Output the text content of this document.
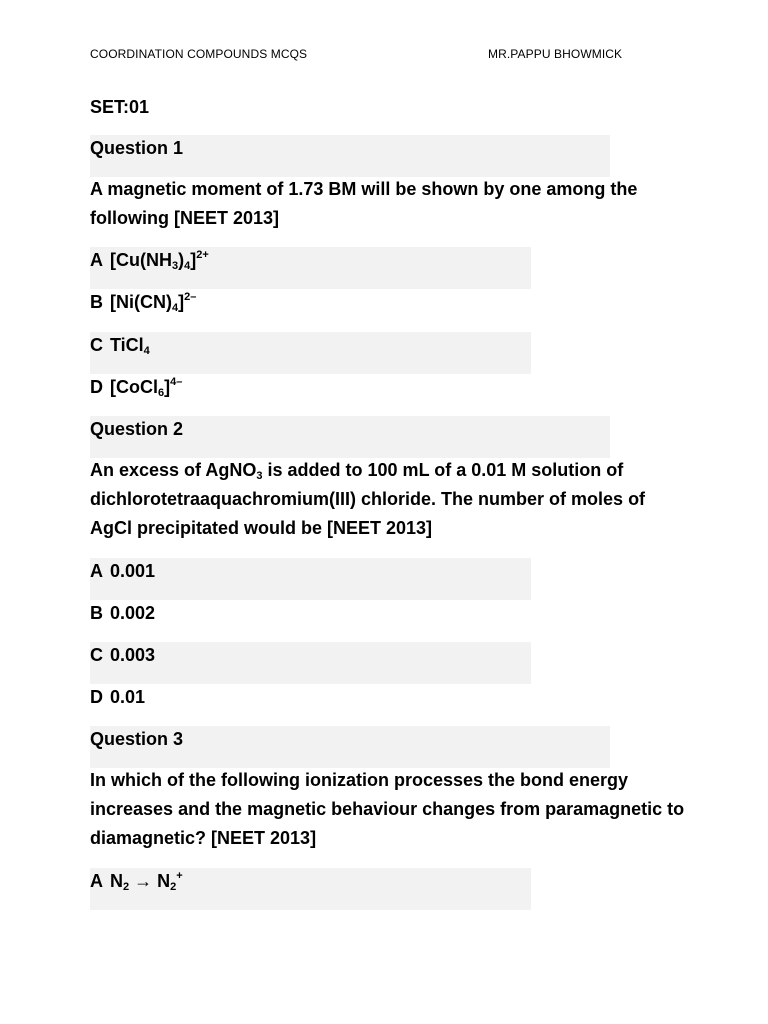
COORDINATION COMPOUNDS MCQS	MR.PAPPU BHOWMICK
SET:01
Question 1
A magnetic moment of 1.73 BM will be shown by one among the
following [NEET 2013]
A $[Cu(NH_3)_4]^{2+}$
B $[Ni(CN)_4]^{2-}$
C TiCl$_4$
D [CoCl$_6$]$^{4-}$
Question 2
An excess of AgNO$_3$ is added to 100 mL of a 0.01 M solution of
dichlorotetraaquachromium(III) chloride. The number of moles of
AgCl precipitated would be [NEET 2013]
A 0.001
B 0.002
C 0.003
D 0.01
Question 3
In which of the following ionization processes the bond energy
increases and the magnetic behaviour changes from paramagnetic to
diamagnetic? [NEET 2013]
A $N_2 \to N_2^+$
